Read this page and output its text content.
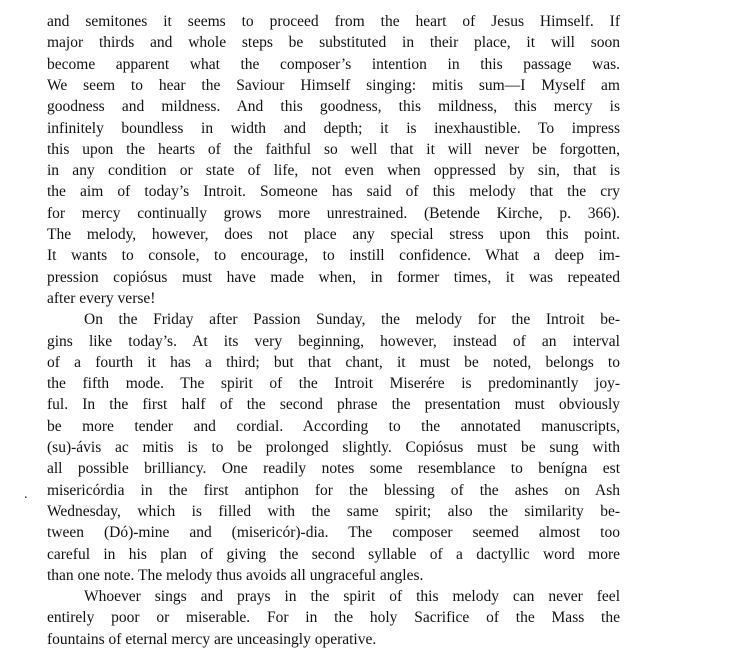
and semitones it seems to proceed from the heart of Jesus Himself. If
major thirds and whole steps be substituted in their place, it will soon
become apparent what the composer’s intention in this passage was.
We seem to hear the Saviour Himself singing: mitis sum—I Myself am
goodness and mildness. And this goodness, this mildness, this mercy is
infinitely boundless in width and depth; it is inexhaustible. To impress
this upon the hearts of the faithful so well that it will never be forgotten,
in any condition or state of life, not even when oppressed by sin, that is
the aim of today’s Introit. Someone has said of this melody that the cry
for mercy continually grows more unrestrained. (Betende Kirche, p. 366).
The melody, however, does not place any special stress upon this point.
It wants to console, to encourage, to instill confidence. What a deep im-
pression copiósus must have made when, in former times, it was repeated
after every verse!
On the Friday after Passion Sunday, the melody for the Introit be-
gins like today’s. At its very beginning, however, instead of an interval
of a fourth it has a third; but that chant, it must be noted, belongs to
the fifth mode. The spirit of the Introit Miserére is predominantly joy-
ful. In the first half of the second phrase the presentation must obviously
be more tender and cordial. According to the annotated manuscripts,
(su)-ávis ac mitis is to be prolonged slightly. Copiósus must be sung with
all possible brilliancy. One readily notes some resemblance to benígna est
misericórdia in the first antiphon for the blessing of the ashes on Ash
Wednesday, which is filled with the same spirit; also the similarity be-
tween (Dó)-mine and (misericór)-dia. The composer seemed almost too
careful in his plan of giving the second syllable of a dactyllic word more
than one note. The melody thus avoids all ungraceful angles.
Whoever sings and prays in the spirit of this melody can never feel
entirely poor or miserable. For in the holy Sacrifice of the Mass the
fountains of eternal mercy are unceasingly operative.
.
